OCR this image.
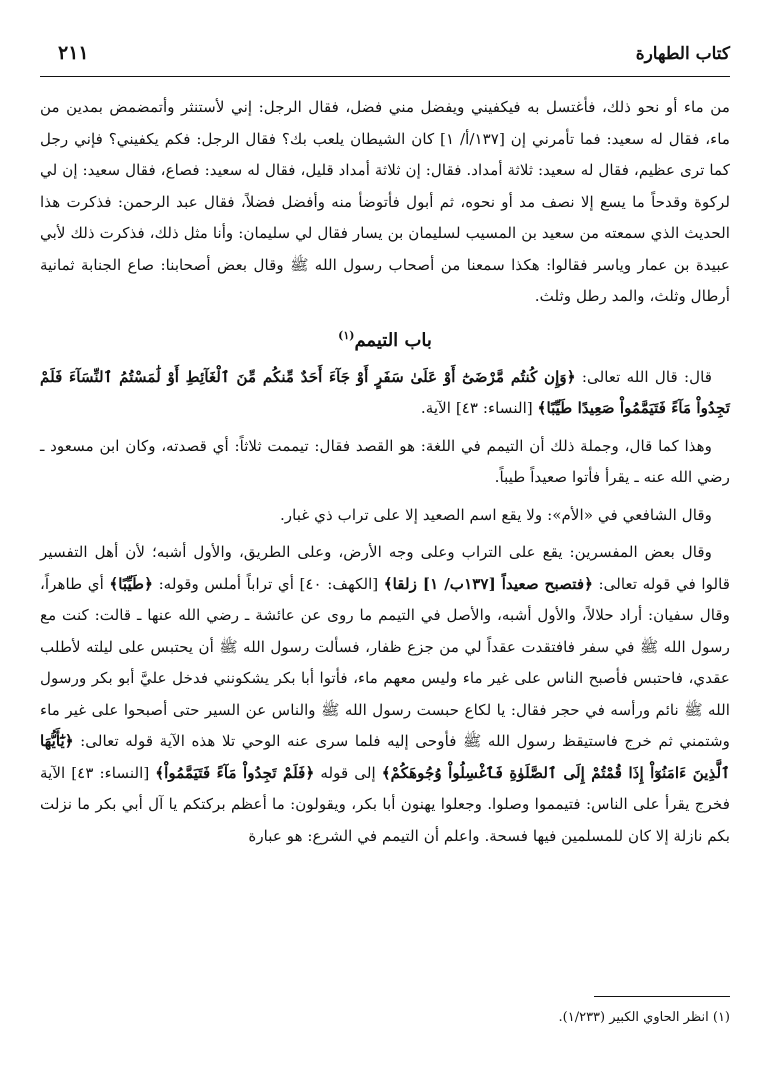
كتاب الطهارة
٢١١

من ماء أو نحو ذلك، فأغتسل به فيكفيني ويفضل مني فضل، فقال الرجل: إني لأستنثر وأتمضمض بمدين من ماء، فقال له سعيد: فما تأمرني إن [١٣٧/أ/ ١] كان الشيطان يلعب بك؟ فقال الرجل: فكم يكفيني؟ فإني رجل كما ترى عظيم، فقال له سعيد: ثلاثة أمداد. فقال: إن ثلاثة أمداد قليل، فقال له سعيد: فصاع، فقال سعيد: إن لي لركوة وقدحاً ما يسع إلا نصف مد أو نحوه، ثم أبول فأتوضأ منه وأفضل فضلاً، فقال عبد الرحمن: فذكرت هذا الحديث الذي سمعته من سعيد بن المسيب لسليمان بن يسار فقال لي سليمان: وأنا مثل ذلك، فذكرت ذلك لأبي عبيدة بن عمار وياسر فقالوا: هكذا سمعنا من أصحاب رسول الله ﷺ وقال بعض أصحابنا: صاع الجنابة ثمانية أرطال وثلث، والمد رطل وثلث.

باب التيمم$^{(١)}$

قال: قال الله تعالى: ﴿وَإِن كُنتُم مَّرْضَىٰٓ أَوْ عَلَىٰ سَفَرٍ أَوْ جَآءَ أَحَدٌ مِّنكُم مِّنَ ٱلْغَآئِطِ أَوْ لَٰمَسْتُمُ ٱلنِّسَآءَ فَلَمْ تَجِدُواْ مَآءً فَتَيَمَّمُواْ صَعِيدًا طَيِّبًا﴾ [النساء: ٤٣] الآية.

وهذا كما قال، وجملة ذلك أن التيمم في اللغة: هو القصد فقال: تيممت ثلاثاً: أي قصدته، وكان ابن مسعود ـ رضي الله عنه ـ يقرأ فأتوا صعيداً طيباً.

وقال الشافعي في «الأم»: ولا يقع اسم الصعيد إلا على تراب ذي غبار.

وقال بعض المفسرين: يقع على التراب وعلى وجه الأرض، وعلى الطريق، والأول أشبه؛ لأن أهل التفسير قالوا في قوله تعالى: ﴿فتصبح صعيداً [١٣٧ب/ ١] زلقا﴾ [الكهف: ٤٠] أي تراباً أملس وقوله: ﴿طَيِّبًا﴾ أي طاهراً، وقال سفيان: أراد حلالاً، والأول أشبه، والأصل في التيمم ما روى عن عائشة ـ رضي الله عنها ـ قالت: كنت مع رسول الله ﷺ في سفر فافتقدت عقداً لي من جزع ظفار، فسألت رسول الله ﷺ أن يحتبس على ليلته لأطلب عقدي، فاحتبس فأصبح الناس على غير ماء وليس معهم ماء، فأتوا أبا بكر يشكونني فدخل عليَّ أبو بكر ورسول الله ﷺ نائم ورأسه في حجر فقال: يا لكاع حبست رسول الله ﷺ والناس عن السير حتى أصبحوا على غير ماء وشتمني ثم خرج فاستيقظ رسول الله ﷺ فأوحى إليه فلما سرى عنه الوحي تلا هذه الآية قوله تعالى: ﴿يَٰٓأَيُّهَا ٱلَّذِينَ ءَامَنُوٓاْ إِذَا قُمْتُمْ إِلَى ٱلصَّلَوٰةِ فَٱغْسِلُواْ وُجُوهَكُمْ﴾ إلى قوله ﴿فَلَمْ تَجِدُواْ مَآءً فَتَيَمَّمُواْ﴾ [النساء: ٤٣] الآية فخرج يقرأ على الناس: فتيمموا وصلوا. وجعلوا يهنون أبا بكر، ويقولون: ما أعظم بركتكم يا آل أبي بكر ما نزلت بكم نازلة إلا كان للمسلمين فيها فسحة. واعلم أن التيمم في الشرع: هو عبارة

(١) انظر الحاوي الكبير (١/٢٣٣).
